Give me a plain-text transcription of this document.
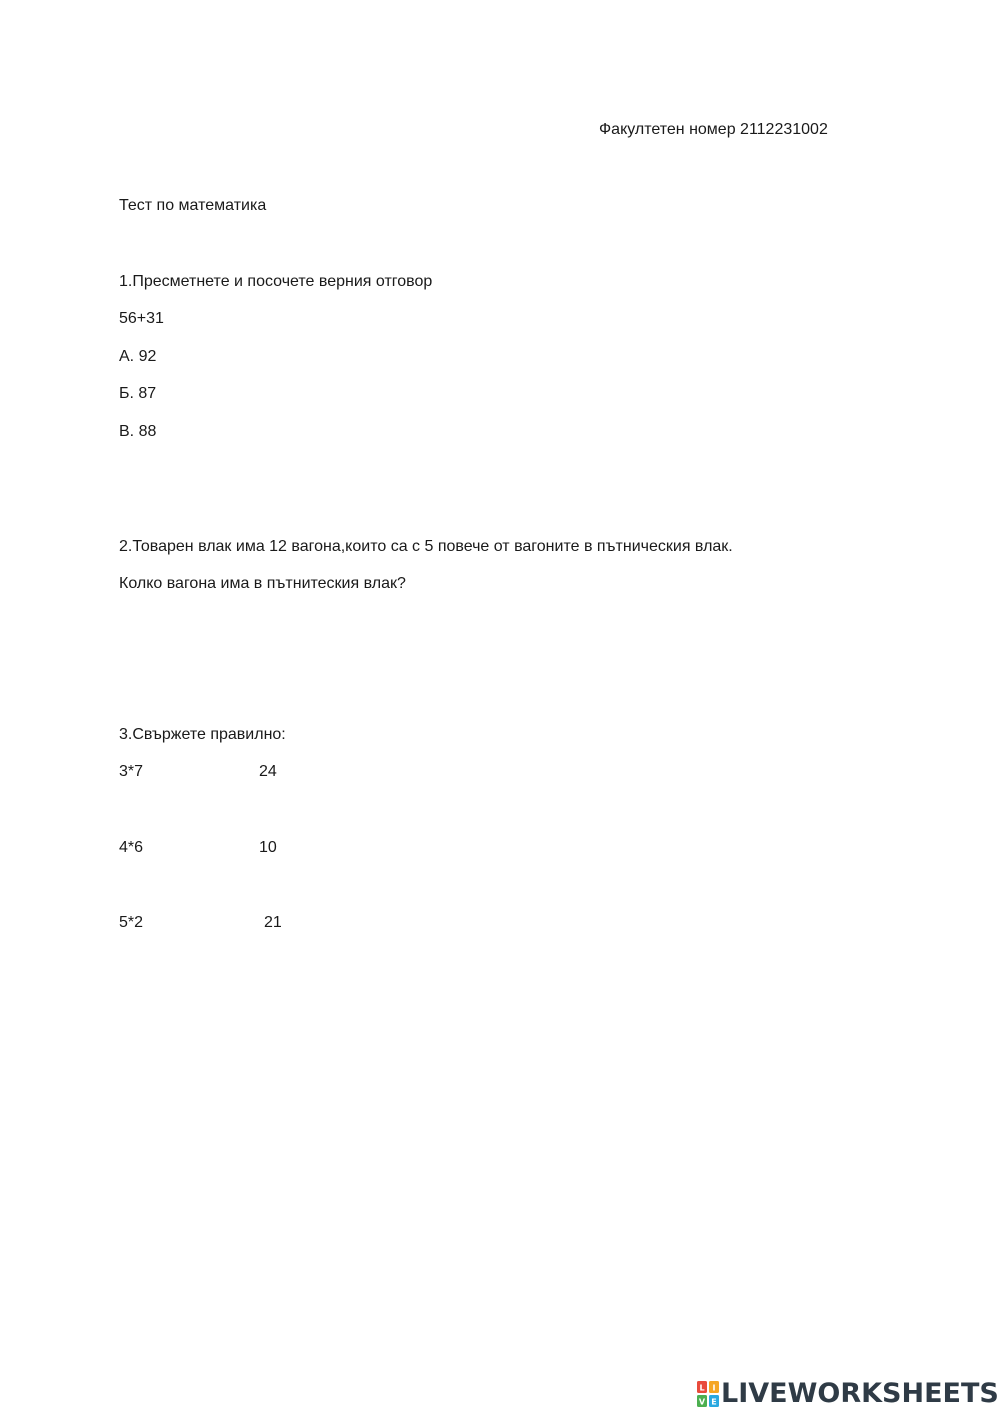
Факултетен номер 2112231002
Тест по математика
1.Пресметнете и посочете верния отговор
56+31
А. 92
Б. 87
В. 88
2.Товарен влак има 12 вагона,които са с 5 повече от вагоните в пътническия влак.
Колко вагона има в пътнитеския влак?
3.Свържете правилно:
3*7	24
4*6	10
5*2	21
L I
V E LIVEWORKSHEETS
